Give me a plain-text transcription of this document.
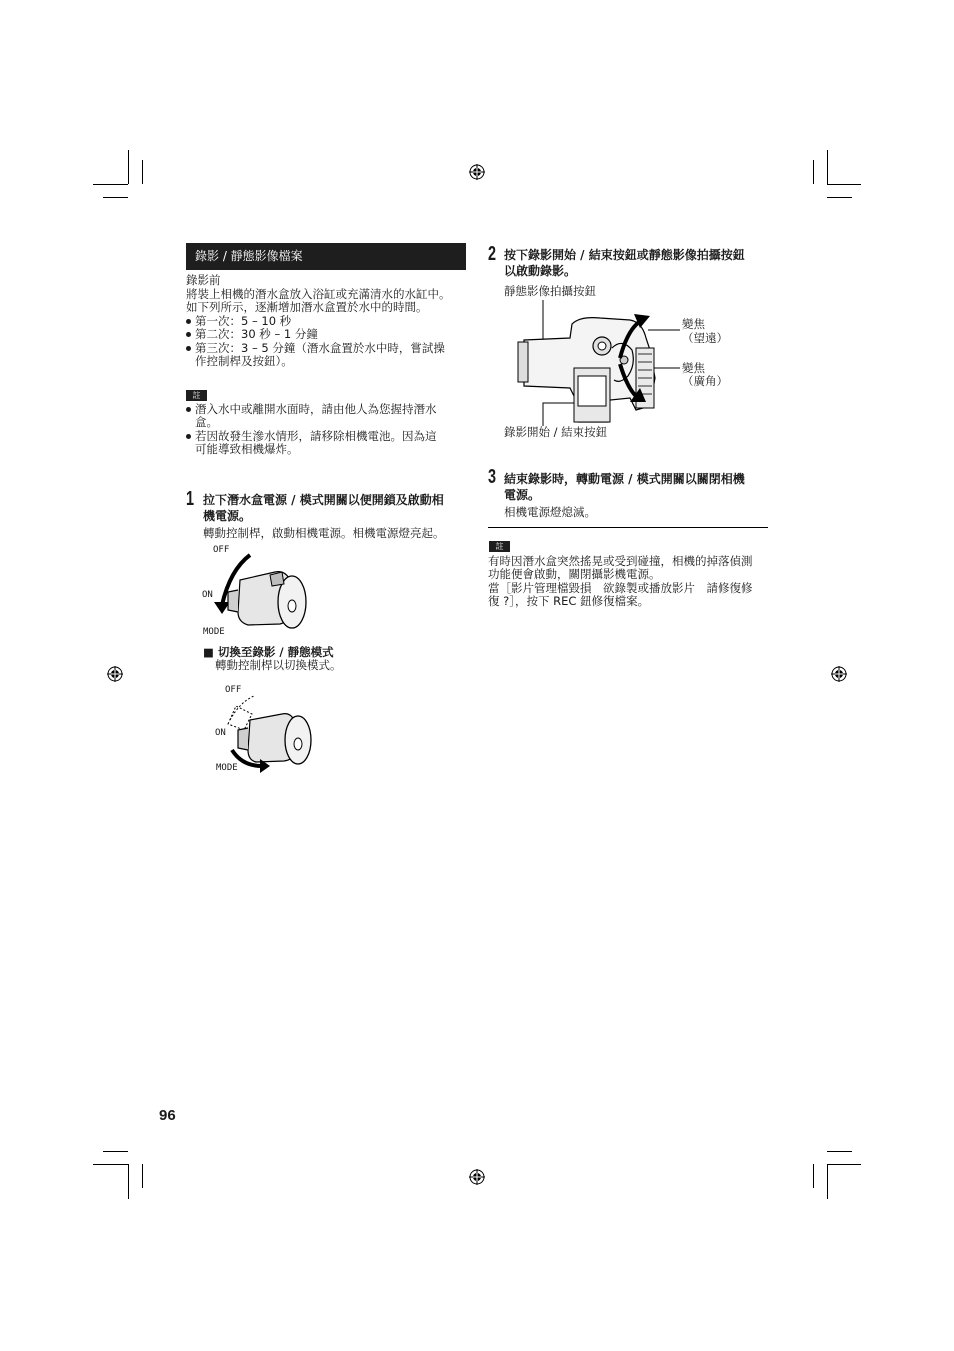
錄影 / 靜態影像檔案
錄影前
將裝上相機的潛水盒放入浴缸或充滿清水的水缸中。
如下列所示，逐漸增加潛水盒置於水中的時間。
第一次：5 – 10 秒
第二次：30 秒 – 1 分鐘
第三次：3 – 5 分鐘（潛水盒置於水中時，嘗試操
作控制桿及按鈕）。
註
潛入水中或離開水面時，請由他人為您握持潛水
盒。
若因故發生滲水情形，請移除相機電池。因為這
可能導致相機爆炸。
1 拉下潛水盒電源 / 模式開關以便開鎖及啟動相
機電源。
轉動控制桿，啟動相機電源。相機電源燈亮起。
OFF
ON
MODE
■ 切換至錄影 / 靜態模式
轉動控制桿以切換模式。
OFF
ON
MODE
2 按下錄影開始 / 結束按鈕或靜態影像拍攝按鈕
以啟動錄影。
靜態影像拍攝按鈕
變焦
（望遠）
變焦
（廣角）
錄影開始 / 結束按鈕
3 結束錄影時，轉動電源 / 模式開關以關閉相機
電源。
相機電源燈熄滅。
註
有時因潛水盒突然搖晃或受到碰撞，相機的掉落偵測
功能便會啟動，關閉攝影機電源。
當［影片管理檔毀損　欲錄製或播放影片　請修復修
復 ?］，按下 REC 鈕修復檔案。
96
